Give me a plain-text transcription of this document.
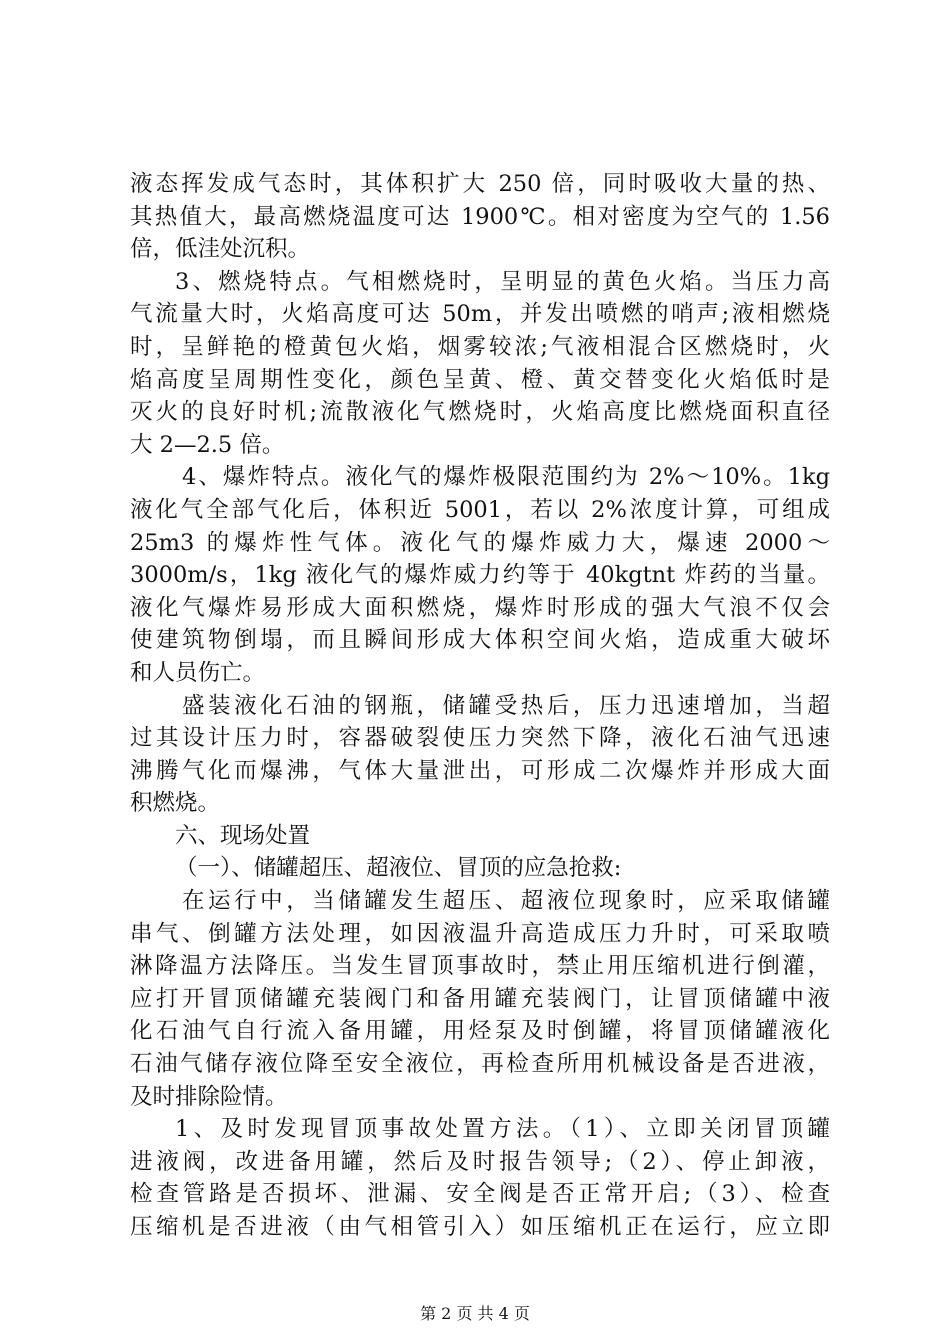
液态挥发成气态时，其体积扩大 250 倍，同时吸收大量的热、

其热值大，最高燃烧温度可达 1900℃。相对密度为空气的 1.56

倍，低洼处沉积。

3、燃烧特点。气相燃烧时，呈明显的黄色火焰。当压力高

气流量大时，火焰高度可达 50m，并发出喷燃的哨声;液相燃烧

时，呈鲜艳的橙黄包火焰，烟雾较浓;气液相混合区燃烧时，火

焰高度呈周期性变化，颜色呈黄、橙、黄交替变化火焰低时是

灭火的良好时机;流散液化气燃烧时，火焰高度比燃烧面积直径

大 2—2.5 倍。

4、爆炸特点。液化气的爆炸极限范围约为 2%～10%。1kg

液化气全部气化后，体积近 5001，若以 2%浓度计算，可组成

25m3 的爆炸性气体。液化气的爆炸威力大，爆速 2000～

3000m/s，1kg 液化气的爆炸威力约等于 40kgtnt 炸药的当量。

液化气爆炸易形成大面积燃烧，爆炸时形成的强大气浪不仅会

使建筑物倒塌，而且瞬间形成大体积空间火焰，造成重大破坏

和人员伤亡。

盛装液化石油的钢瓶，储罐受热后，压力迅速增加，当超

过其设计压力时，容器破裂使压力突然下降，液化石油气迅速

沸腾气化而爆沸，气体大量泄出，可形成二次爆炸并形成大面

积燃烧。

六、现场处置

（一）、储罐超压、超液位、冒顶的应急抢救:

在运行中，当储罐发生超压、超液位现象时，应采取储罐

串气、倒罐方法处理，如因液温升高造成压力升时，可采取喷

淋降温方法降压。当发生冒顶事故时，禁止用压缩机进行倒灌，

应打开冒顶储罐充装阀门和备用罐充装阀门，让冒顶储罐中液

化石油气自行流入备用罐，用烃泵及时倒罐，将冒顶储罐液化

石油气储存液位降至安全液位，再检查所用机械设备是否进液，

及时排除险情。

1、及时发现冒顶事故处置方法。（1）、立即关闭冒顶罐

进液阀，改进备用罐，然后及时报告领导;（2）、停止卸液，

检查管路是否损坏、泄漏、安全阀是否正常开启;（3）、检查

压缩机是否进液（由气相管引入）如压缩机正在运行，应立即

第 2 页 共 4 页
